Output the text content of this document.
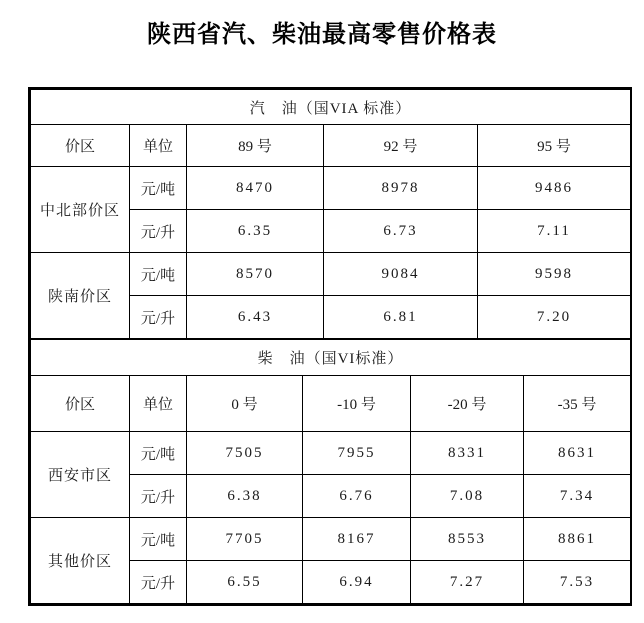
陕西省汽、柴油最高零售价格表
汽　油（国VIA 标准）				
价区	单位	89 号	92 号	95 号
中北部价区	元/吨	8470	8978	9486
	元/升	6.35	6.73	7.11
陕南价区	元/吨	8570	9084	9598
	元/升	6.43	6.81	7.20
柴　油（国VI标准）					
价区	单位	0 号	-10 号	-20 号	-35 号
西安市区	元/吨	7505	7955	8331	8631
	元/升	6.38	6.76	7.08	7.34
其他价区	元/吨	7705	8167	8553	8861
	元/升	6.55	6.94	7.27	7.53
